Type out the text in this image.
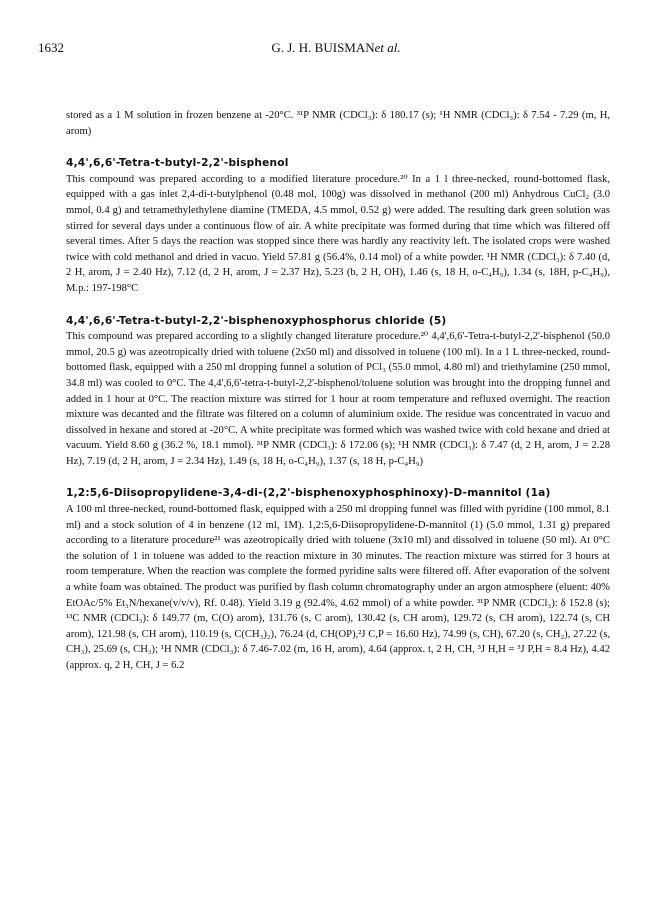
1632	G. J. H. BUISMANet al.

stored as a 1 M solution in frozen benzene at -20°C. ³¹P NMR (CDCl₃): δ 180.17 (s); ¹H NMR (CDCl₃): δ 7.54 - 7.29 (m, H, arom)

4,4',6,6'-Tetra-t-butyl-2,2'-bisphenol

This compound was prepared according to a modified literature procedure.²⁰ In a 1 l three-necked, round-bottomed flask, equipped with a gas inlet 2,4-di-t-butylphenol (0.48 mol, 100g) was dissolved in methanol (200 ml) Anhydrous CuCl₂ (3.0 mmol, 0.4 g) and tetramethylethylene diamine (TMEDA, 4.5 mmol, 0.52 g) were added. The resulting dark green solution was stirred for several days under a continuous flow of air. A white precipitate was formed during that time which was filtered off several times. After 5 days the reaction was stopped since there was hardly any reactivity left. The isolated crops were washed twice with cold methanol and dried in vacuo. Yield 57.81 g (56.4%, 0.14 mol) of a white powder. ¹H NMR (CDCl₃): δ 7.40 (d, 2 H, arom, J = 2.40 Hz), 7.12 (d, 2 H, arom, J = 2.37 Hz), 5.23 (b, 2 H, OH), 1.46 (s, 18 H, o-C₄H₉), 1.34 (s, 18H, p-C₄H₉), M.p.: 197-198°C

4,4',6,6'-Tetra-t-butyl-2,2'-bisphenoxyphosphorus chloride (5)

This compound was prepared according to a slightly changed literature procedure.²⁰ 4,4',6,6'-Tetra-t-butyl-2,2'-bisphenol (50.0 mmol, 20.5 g) was azeotropically dried with toluene (2x50 ml) and dissolved in toluene (100 ml). In a 1 L three-necked, round-bottomed flask, equipped with a 250 ml dropping funnel a solution of PCl₃ (55.0 mmol, 4.80 ml) and triethylamine (250 mmol, 34.8 ml) was cooled to 0°C. The 4,4',6,6'-tetra-t-butyl-2,2'-bisphenol/toluene solution was brought into the dropping funnel and added in 1 hour at 0°C. The reaction mixture was stirred for 1 hour at room temperature and refluxed overnight. The reaction mixture was decanted and the filtrate was filtered on a column of aluminium oxide. The residue was concentrated in vacuo and dissolved in hexane and stored at -20°C. A white precipitate was formed which was washed twice with cold hexane and dried at vacuum. Yield 8.60 g (36.2 %, 18.1 mmol). ³¹P NMR (CDCl₃): δ 172.06 (s); ¹H NMR (CDCl₃): δ 7.47 (d, 2 H, arom, J = 2.28 Hz), 7.19 (d, 2 H, arom, J = 2.34 Hz), 1.49 (s, 18 H, o-C₄H₉), 1.37 (s, 18 H, p-C₄H₉)

1,2:5,6-Diisopropylidene-3,4-di-(2,2'-bisphenoxyphosphinoxy)-D-mannitol (1a)

A 100 ml three-necked, round-bottomed flask, equipped with a 250 ml dropping funnel was filled with pyridine (100 mmol, 8.1 ml) and a stock solution of 4 in benzene (12 ml, 1M). 1,2:5,6-Diisopropylidene-D-mannitol (1) (5.0 mmol, 1.31 g) prepared according to a literature procedure²¹ was azeotropically dried with toluene (3x10 ml) and dissolved in toluene (50 ml). At 0°C the solution of 1 in toluene was added to the reaction mixture in 30 minutes. The reaction mixture was stirred for 3 hours at room temperature. When the reaction was complete the formed pyridine salts were filtered off. After evaporation of the solvent a white foam was obtained. The product was purified by flash column chromatography under an argon atmosphere (eluent: 40% EtOAc/5% Et₃N/hexane(v/v/v), Rf. 0.48). Yield 3.19 g (92.4%, 4.62 mmol) of a white powder. ³¹P NMR (CDCl₃): δ 152.8 (s); ¹³C NMR (CDCl₃): δ 149.77 (m, C(O) arom), 131.76 (s, C arom), 130.42 (s, CH arom), 129.72 (s, CH arom), 122.74 (s, CH arom), 121.98 (s, CH arom), 110.19 (s, C(CH₃)₂), 76.24 (d, CH(OP),²J C,P = 16.60 Hz), 74.99 (s, CH), 67.20 (s, CH₂), 27.22 (s, CH₃), 25.69 (s, CH₃); ¹H NMR (CDCl₃): δ 7.46-7.02 (m, 16 H, arom), 4.64 (approx. t, 2 H, CH, ³J H,H = ³J P,H = 8.4 Hz), 4.42 (approx. q, 2 H, CH, J = 6.2
